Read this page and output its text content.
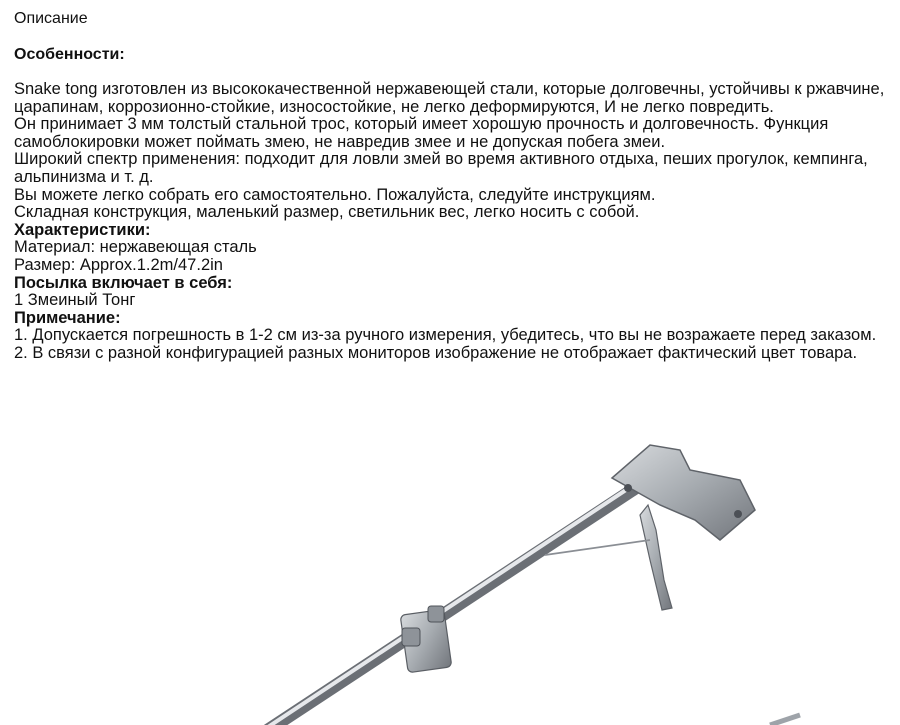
Описание
Особенности:

Snake tong изготовлен из высококачественной нержавеющей стали, которые долговечны, устойчивы к ржавчине, царапинам, коррозионно-стойкие, износостойкие, не легко деформируются, И не легко повредить.

Он принимает 3 мм толстый стальной трос, который имеет хорошую прочность и долговечность. Функция самоблокировки может поймать змею, не навредив змее и не допуская побега змеи.

Широкий спектр применения: подходит для ловли змей во время активного отдыха, пеших прогулок, кемпинга, альпинизма и т. д.

Вы можете легко собрать его самостоятельно. Пожалуйста, следуйте инструкциям.

Складная конструкция, маленький размер, светильник вес, легко носить с собой.

Характеристики:

Материал: нержавеющая сталь

Размер: Approx.1.2m/47.2in

Посылка включает в себя:

1 Змеиный Тонг

Примечание:

1. Допускается погрешность в 1-2 см из-за ручного измерения, убедитесь, что вы не возражаете перед заказом.

2. В связи с разной конфигурацией разных мониторов изображение не отображает фактический цвет товара.
